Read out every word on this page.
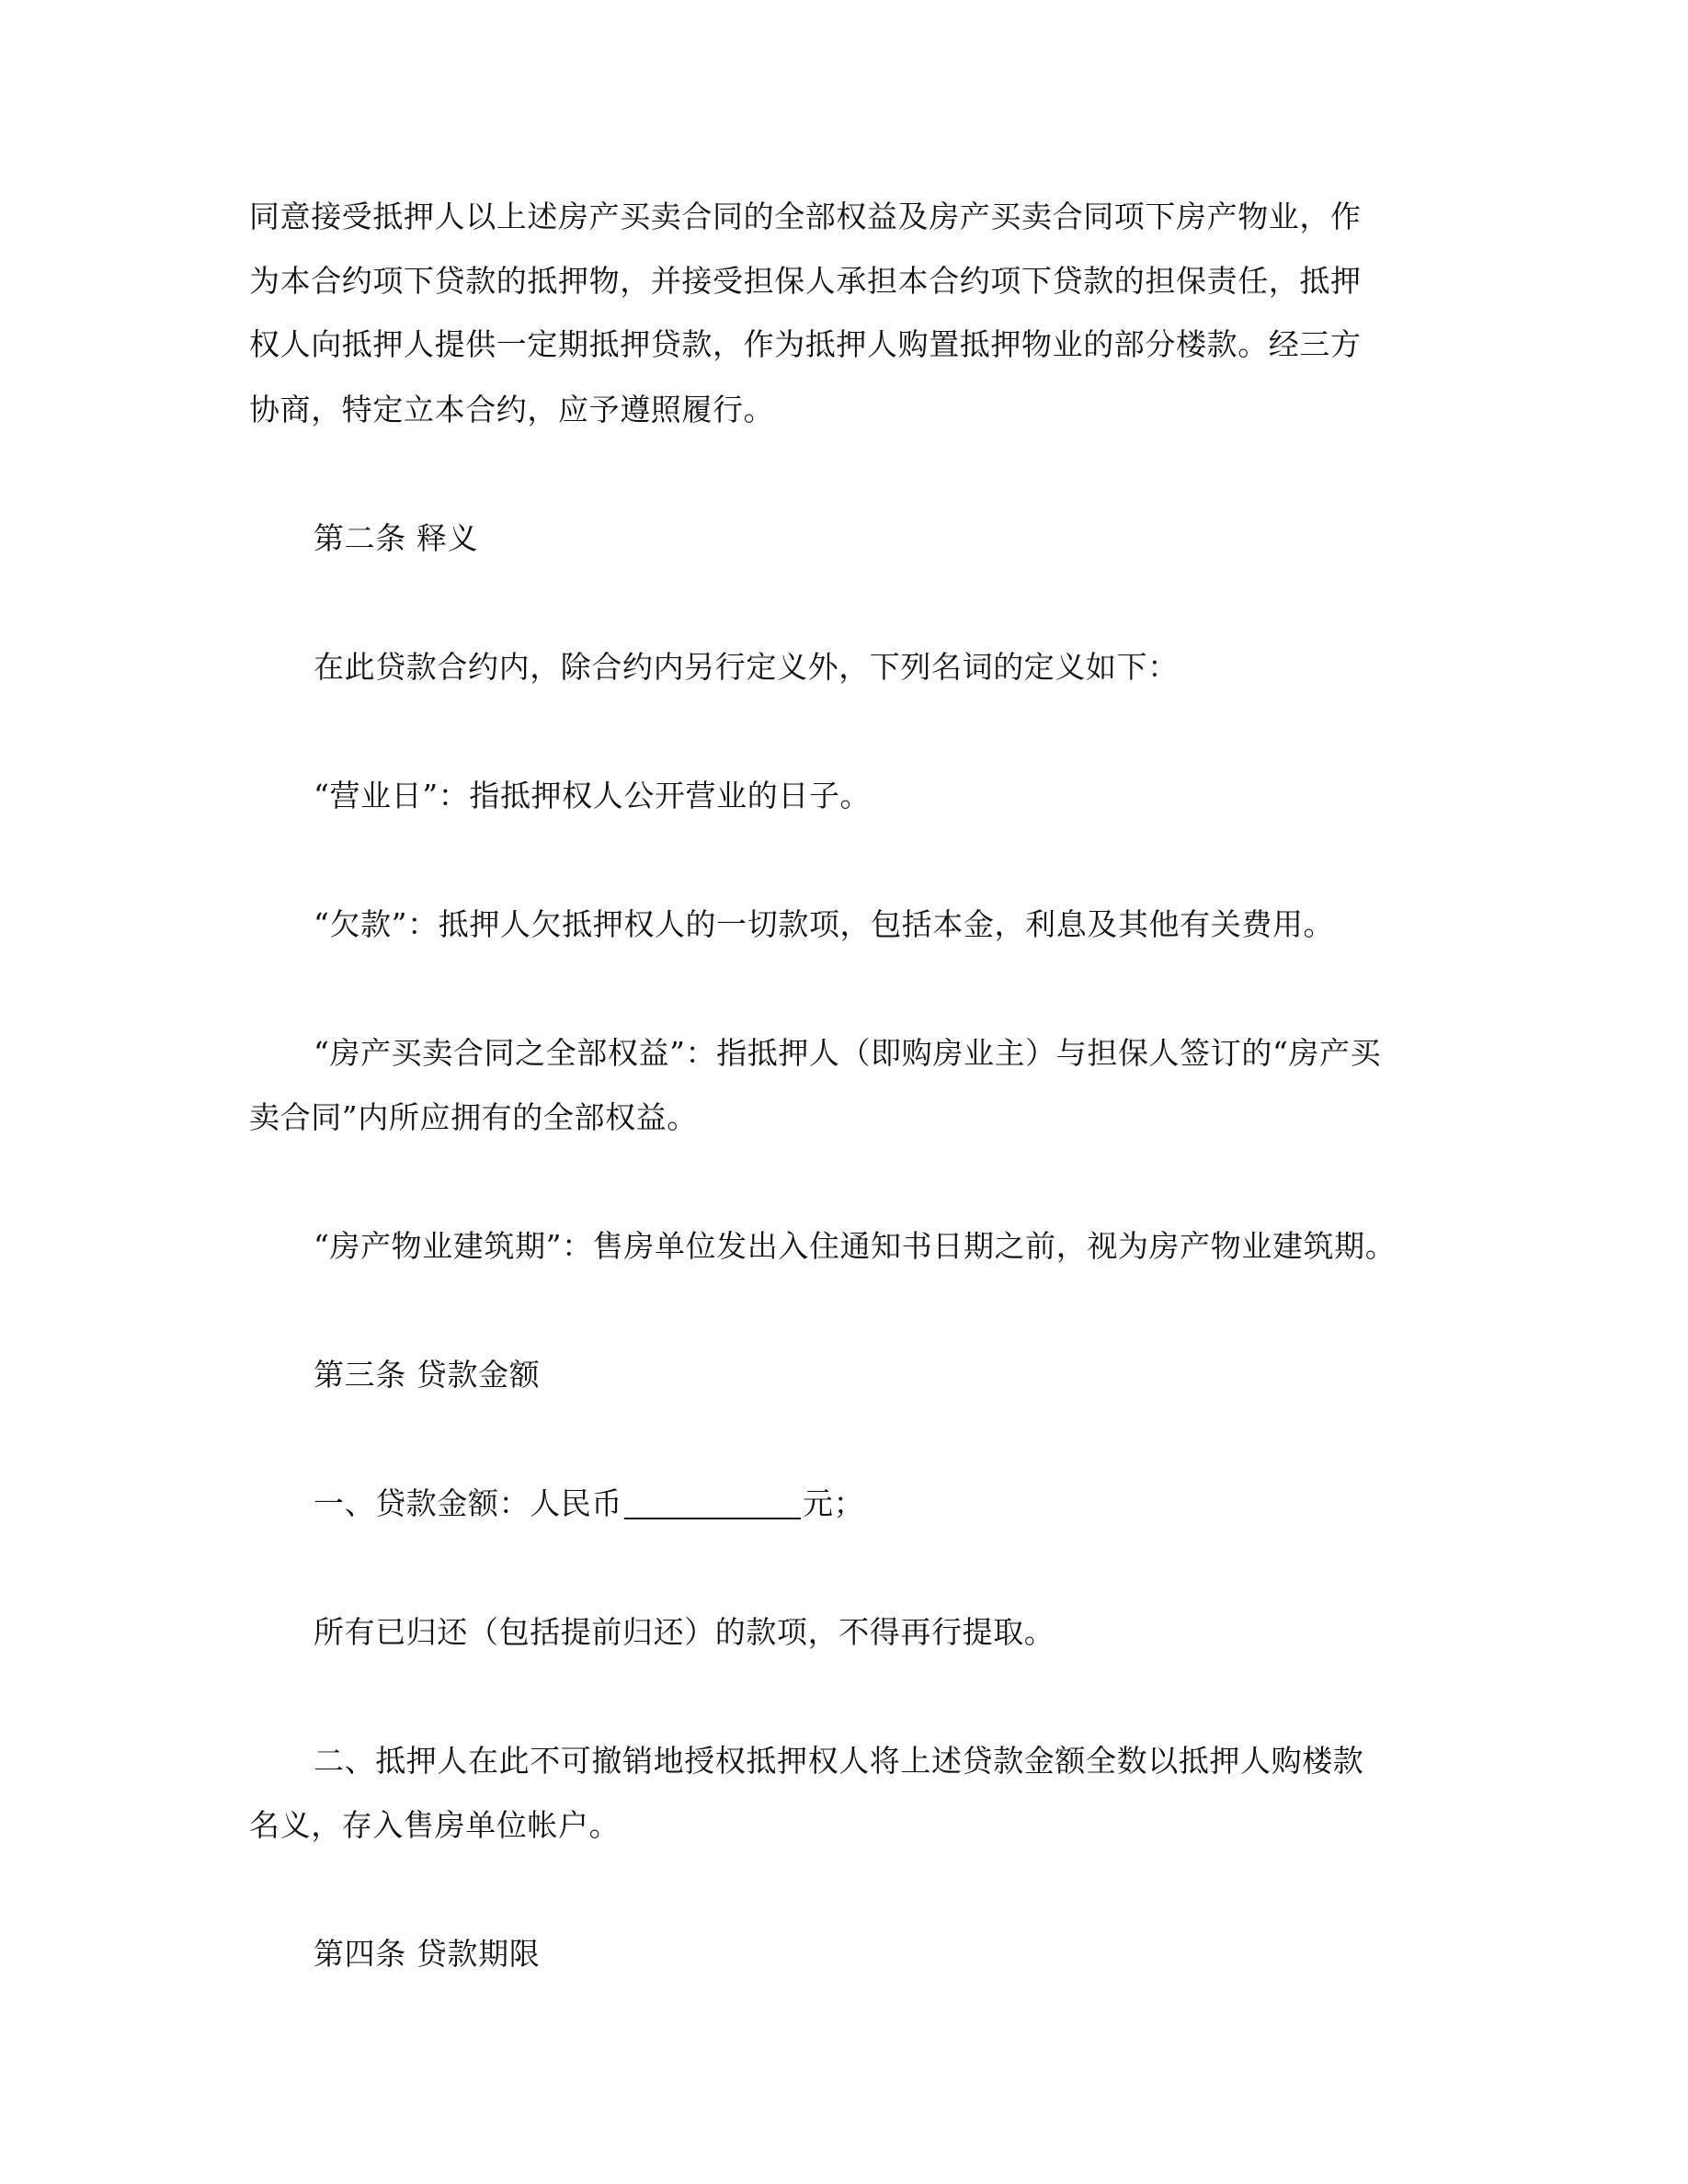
同意接受抵押人以上述房产买卖合同的全部权益及房产买卖合同项下房产物业，作
为本合约项下贷款的抵押物，并接受担保人承担本合约项下贷款的担保责任，抵押
权人向抵押人提供一定期抵押贷款，作为抵押人购置抵押物业的部分楼款。经三方
协商，特定立本合约，应予遵照履行。
第二条 释义
在此贷款合约内，除合约内另行定义外，下列名词的定义如下：
“营业日”：指抵押权人公开营业的日子。
“欠款”：抵押人欠抵押权人的一切款项，包括本金，利息及其他有关费用。
“房产买卖合同之全部权益”：指抵押人（即购房业主）与担保人签订的“房产买
卖合同”内所应拥有的全部权益。
“房产物业建筑期”：售房单位发出入住通知书日期之前，视为房产物业建筑期。
第三条 贷款金额
一、贷款金额：人民币	元；
所有已归还（包括提前归还）的款项，不得再行提取。
二、抵押人在此不可撤销地授权抵押权人将上述贷款金额全数以抵押人购楼款
名义，存入售房单位帐户。
第四条 贷款期限
